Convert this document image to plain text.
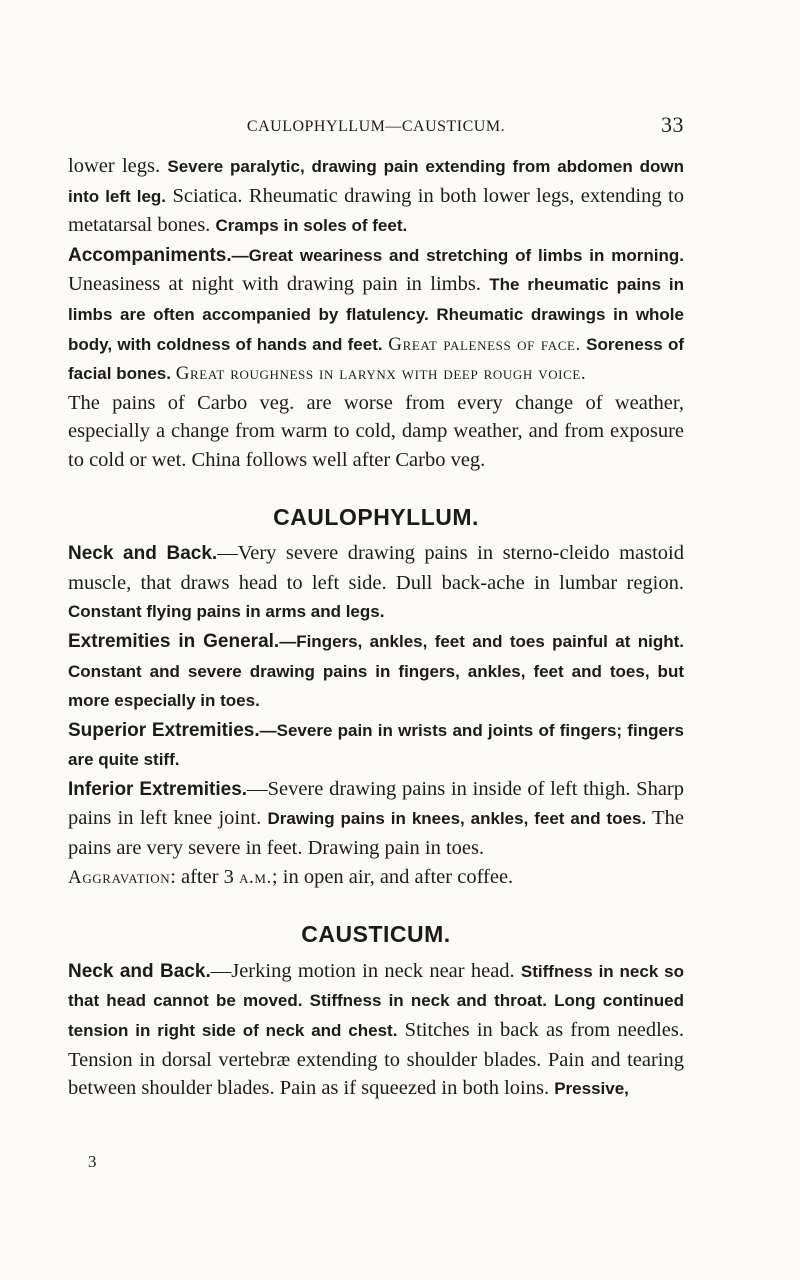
CAULOPHYLLUM—CAUSTICUM.	33

lower legs. Severe paralytic, drawing pain extending from abdomen down into left leg. Sciatica. Rheumatic drawing in both lower legs, extending to metatarsal bones. Cramps in soles of feet.

Accompaniments.—Great weariness and stretching of limbs in morning. Uneasiness at night with drawing pain in limbs. The rheumatic pains in limbs are often accompanied by flatulency. Rheumatic drawings in whole body, with coldness of hands and feet. Great paleness of face. Soreness of facial bones. Great roughness in larynx with deep rough voice.

The pains of Carbo veg. are worse from every change of weather, especially a change from warm to cold, damp weather, and from exposure to cold or wet. China follows well after Carbo veg.

CAULOPHYLLUM.

Neck and Back.—Very severe drawing pains in sterno-cleido mastoid muscle, that draws head to left side. Dull back-ache in lumbar region. Constant flying pains in arms and legs.

Extremities in General.—Fingers, ankles, feet and toes painful at night. Constant and severe drawing pains in fingers, ankles, feet and toes, but more especially in toes.

Superior Extremities.—Severe pain in wrists and joints of fingers; fingers are quite stiff.

Inferior Extremities.—Severe drawing pains in inside of left thigh. Sharp pains in left knee joint. Drawing pains in knees, ankles, feet and toes. The pains are very severe in feet. Drawing pain in toes.

Aggravation: after 3 a.m.; in open air, and after coffee.

CAUSTICUM.

Neck and Back.—Jerking motion in neck near head. Stiffness in neck so that head cannot be moved. Stiffness in neck and throat. Long continued tension in right side of neck and chest. Stitches in back as from needles. Tension in dorsal vertebræ extending to shoulder blades. Pain and tearing between shoulder blades. Pain as if squeezed in both loins. Pressive,

3
